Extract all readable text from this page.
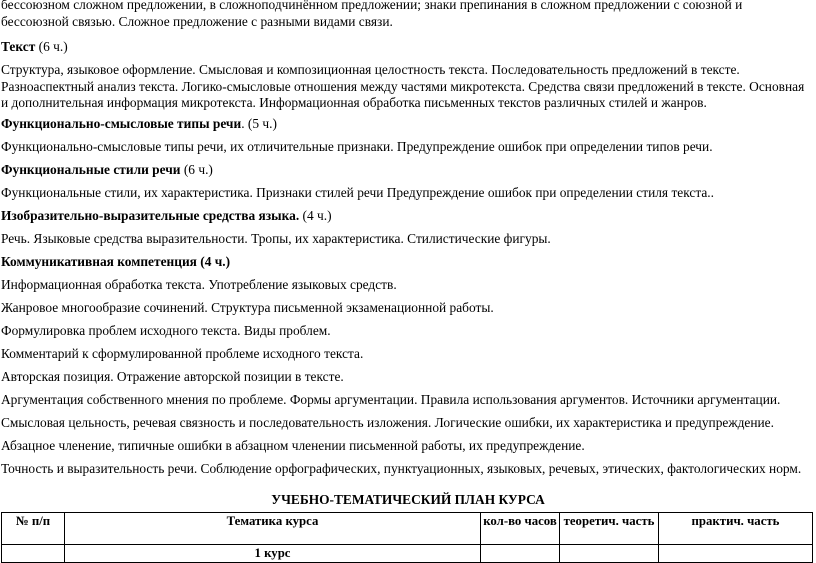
бессоюзном сложном предложении, в сложноподчинённом предложении; знаки препинания в сложном предложении с союзной и бессоюзной связью. Сложное предложение с разными видами связи.

Текст (6 ч.)

Структура, языковое оформление. Смысловая и композиционная целостность текста. Последовательность предложений в тексте. Разноаспектный анализ текста. Логико-смысловые отношения между частями микротекста. Средства связи предложений в тексте. Основная и дополнительная информация микротекста. Информационная обработка письменных текстов различных стилей и жанров.

Функционально-смысловые типы речи. (5 ч.)

Функционально-смысловые типы речи, их отличительные признаки. Предупреждение ошибок при определении типов речи.

Функциональные стили речи (6 ч.)

Функциональные стили, их характеристика. Признаки стилей речи Предупреждение ошибок при определении стиля текста..

Изобразительно-выразительные средства языка. (4 ч.)

Речь. Языковые средства выразительности. Тропы, их характеристика. Стилистические фигуры.

Коммуникативная компетенция (4 ч.)

Информационная обработка текста. Употребление языковых средств.

Жанровое многообразие сочинений. Структура письменной экзаменационной работы.

Формулировка проблем исходного текста. Виды проблем.

Комментарий к сформулированной проблеме исходного текста.

Авторская позиция. Отражение авторской позиции в тексте.

Аргументация собственного мнения по проблеме. Формы аргументации. Правила использования аргументов. Источники аргументации.

Смысловая цельность, речевая связность и последовательность изложения. Логические ошибки, их характеристика и предупреждение.

Абзацное членение, типичные ошибки в абзацном членении письменной работы, их предупреждение.

Точность и выразительность речи. Соблюдение орфографических, пунктуационных, языковых, речевых, этических, фактологических норм.

УЧЕБНО-ТЕМАТИЧЕСКИЙ ПЛАН КУРСА
№ п/п	Тематика курса	кол-во часов	теоретич. часть	практич. часть
	1 курс			
